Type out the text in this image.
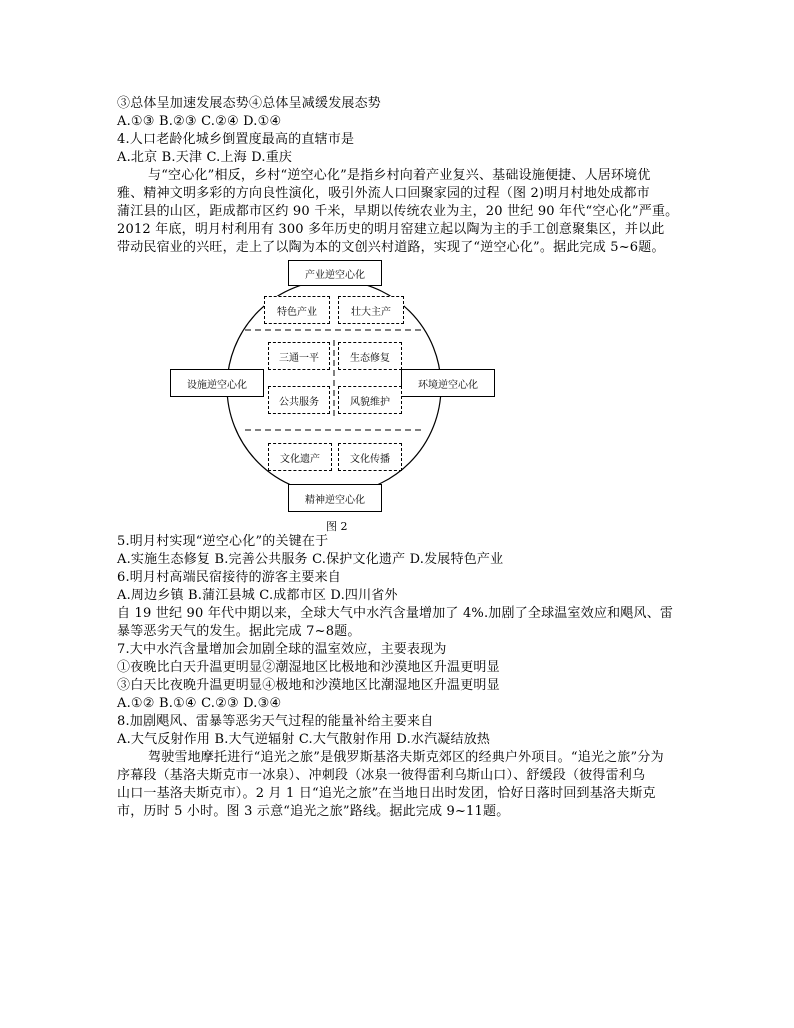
③总体呈加速发展态势④总体呈减缓发展态势
A.①③ B.②③ C.②④ D.①④
4.人口老龄化城乡倒置度最高的直辖市是
A.北京 B.天津 C.上海 D.重庆
与“空心化”相反，乡村“逆空心化”是指乡村向着产业复兴、基础设施便捷、人居环境优
雅、精神文明多彩的方向良性演化，吸引外流人口回聚家园的过程（图 2)明月村地处成都市
蒲江县的山区，距成都市区约 90 千米，早期以传统农业为主，20 世纪 90 年代“空心化”严重。
2012 年底，明月村利用有 300 多年历史的明月窑建立起以陶为主的手工创意聚集区，并以此
带动民宿业的兴旺，走上了以陶为本的文创兴村道路，实现了“逆空心化”。据此完成 5~6题。
产业逆空心化
设施逆空心化	环境逆空心化
精神逆空心化
特色产业	壮大主产
三通一平	生态修复
公共服务	风貌维护
文化遗产	文化传播
图 2
5.明月村实现“逆空心化”的关键在于
A.实施生态修复 B.完善公共服务 C.保护文化遗产 D.发展特色产业
6.明月村高端民宿接待的游客主要来自
A.周边乡镇 B.蒲江县城 C.成都市区 D.四川省外
自 19 世纪 90 年代中期以来，全球大气中水汽含量增加了 4%.加剧了全球温室效应和飓风、雷
暴等恶劣天气的发生。据此完成 7~8题。
7.大中水汽含量增加会加剧全球的温室效应，主要表现为
①夜晚比白天升温更明显②潮湿地区比极地和沙漠地区升温更明显
③白天比夜晚升温更明显④极地和沙漠地区比潮湿地区升温更明显
A.①② B.①④ C.②③ D.③④
8.加剧飓风、雷暴等恶劣天气过程的能量补给主要来自
A.大气反射作用 B.大气逆辐射 C.大气散射作用 D.水汽凝结放热
驾驶雪地摩托进行“追光之旅”是俄罗斯基洛夫斯克郊区的经典户外项目。“追光之旅”分为
序幕段（基洛夫斯克市一冰泉）、冲刺段（冰泉一彼得雷利乌斯山口）、舒缓段（彼得雷利乌
山口一基洛夫斯克市）。2 月 1 日“追光之旅”在当地日出时发团，恰好日落时回到基洛夫斯克
市，历时 5 小时。图 3 示意“追光之旅”路线。据此完成 9~11题。
